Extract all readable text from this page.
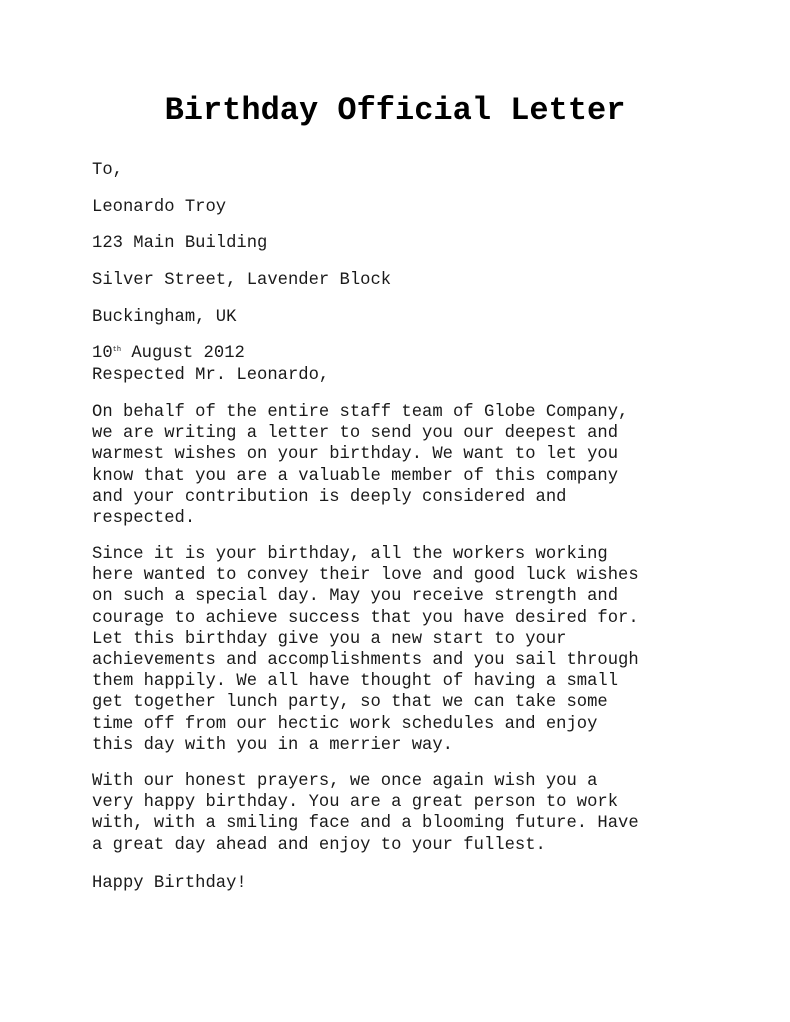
Birthday Official Letter

To,

Leonardo Troy

123 Main Building

Silver Street, Lavender Block

Buckingham, UK

10th August 2012

Respected Mr. Leonardo,

On behalf of the entire staff team of Globe Company,
we are writing a letter to send you our deepest and
warmest wishes on your birthday. We want to let you
know that you are a valuable member of this company
and your contribution is deeply considered and
respected.
Since it is your birthday, all the workers working
here wanted to convey their love and good luck wishes
on such a special day. May you receive strength and
courage to achieve success that you have desired for.
Let this birthday give you a new start to your
achievements and accomplishments and you sail through
them happily. We all have thought of having a small
get together lunch party, so that we can take some
time off from our hectic work schedules and enjoy
this day with you in a merrier way.
With our honest prayers, we once again wish you a
very happy birthday. You are a great person to work
with, with a smiling face and a blooming future. Have
a great day ahead and enjoy to your fullest.

Happy Birthday!
